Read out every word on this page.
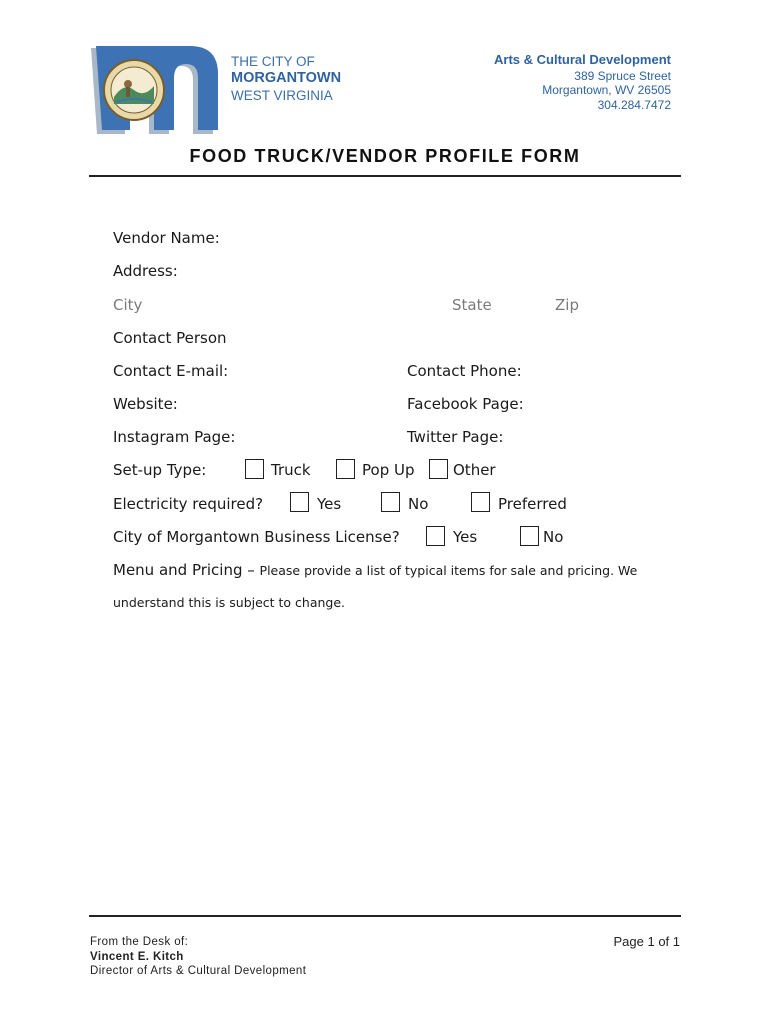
THE CITY OF
MORGANTOWN
WEST VIRGINIA
Arts & Cultural Development
389 Spruce Street
Morgantown, WV 26505
304.284.7472
FOOD TRUCK/VENDOR PROFILE FORM
Vendor Name:
Address:
City	State	Zip
Contact Person
Contact E-mail:	Contact Phone:
Website:	Facebook Page:
Instagram Page:	Twitter Page:
Set-up Type:	Truck	Pop Up	Other
Electricity required?	Yes	No	Preferred
City of Morgantown Business License?	Yes	No
Menu and Pricing – Please provide a list of typical items for sale and pricing. We
understand this is subject to change.
From the Desk of:
Vincent E. Kitch
Director of Arts & Cultural Development
Page 1 of 1
